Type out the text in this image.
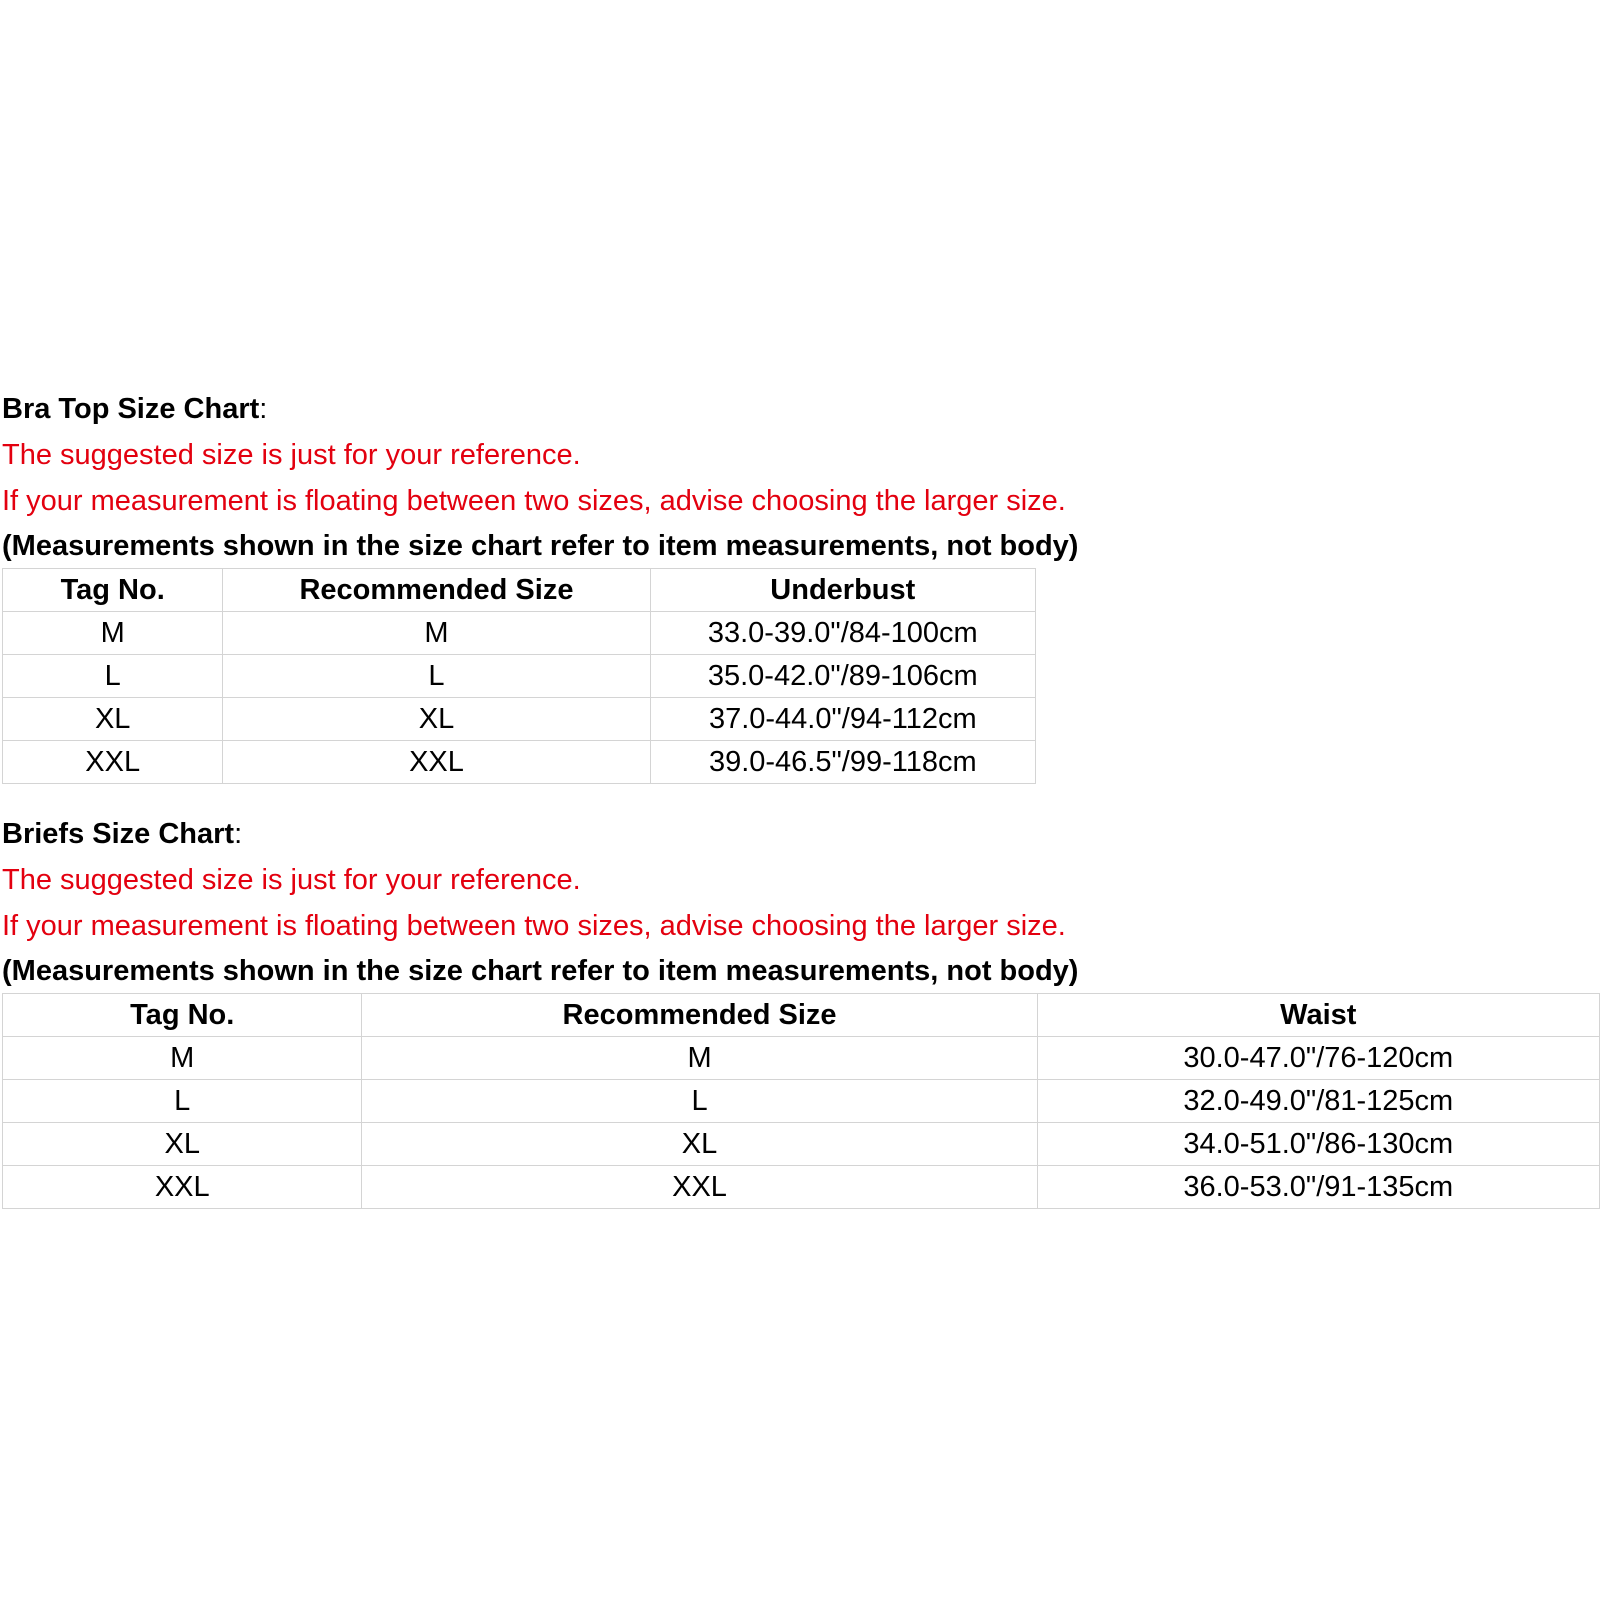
Bra Top Size Chart:
The suggested size is just for your reference.
If your measurement is floating between two sizes, advise choosing the larger size.
(Measurements shown in the size chart refer to item measurements, not body)
Tag No.	Recommended Size	Underbust
M	M	33.0-39.0"/84-100cm
L	L	35.0-42.0"/89-106cm
XL	XL	37.0-44.0"/94-112cm
XXL	XXL	39.0-46.5"/99-118cm
Briefs Size Chart:
The suggested size is just for your reference.
If your measurement is floating between two sizes, advise choosing the larger size.
(Measurements shown in the size chart refer to item measurements, not body)
Tag No.	Recommended Size	Waist
M	M	30.0-47.0"/76-120cm
L	L	32.0-49.0"/81-125cm
XL	XL	34.0-51.0"/86-130cm
XXL	XXL	36.0-53.0"/91-135cm
